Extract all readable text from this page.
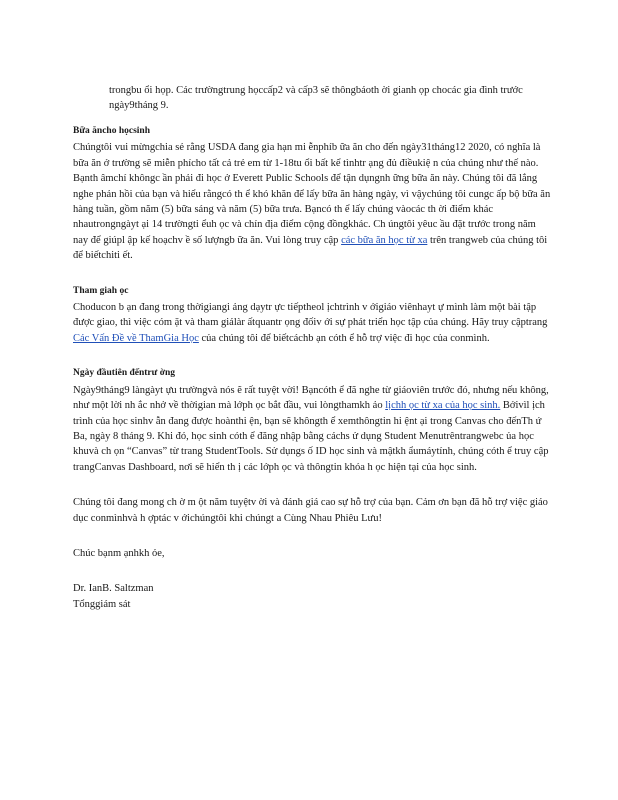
trongbu ổi họp. Các trườngtrung họccấp2 và cấp3 sẽ thôngbáoth ời gianh ọp chocác gia đình trước ngày9tháng 9.

Bữa ăncho họcsinh

Chúngtôi vui mừngchia sẻ rằng USDA đang gia hạn mi ễnphíb ữa ăn cho đến ngày31tháng12 2020, có nghĩa là bữa ăn ở trường sẽ miễn phícho tất cả trẻ em từ 1-18tu ổi bất kể tìnhtr ạng đủ điềukiệ n của chúng như thế nào. Bạnth âmchí khôngc ần phải đi học ở Everett Public Schools để tận dụngnh ững bữa ăn này. Chúng tôi đã lắng nghe phản hồi của bạn và hiểu rằngcó th ể khó khăn để lấy bữa ăn hàng ngày, vì vậychúng tôi cungc ấp bộ bữa ăn hàng tuần, gồm năm (5) bữa sáng và năm (5) bữa trưa. Bạncó th ể lấy chúng vàocác th ời điểm khác nhautrongngàyt ại 14 trườngti ểuh ọc và chín địa điểm cộng đồngkhác. Ch úngtôi yêuc ầu đặt trước trong năm nay để giúpl ập kế hoạchv ề số lượngb ữa ăn. Vui lòng truy cập các bữa ăn học từ xa trên trangweb của chúng tôi để biếtchiti ết.

Tham giah ọc

Choducon b ạn đang trong thờigiangi ảng dạytr ực tiếptheol ịchtrình v ớigiáo viênhayt ự mình làm một bài tập được giao, thì việc cóm ặt và tham giálàr ấtquantr ọng đốiv ới sự phát triển học tập của chúng. Hãy truy cậptrang Các Vấn Đề về ThamGia Học của chúng tôi để biếtcáchb ạn cóth ể hỗ trợ việc đi học của conmình.

Ngày đầutiên đếntrư ờng

Ngày9tháng9 làngàyt ựu trườngvà nós ẽ rất tuyệt vời! Bạncóth ể đã nghe từ giáoviên trước đó, nhưng nếu không, như một lời nh ắc nhở về thờigian mà lớph ọc bắt đầu, vui lòngthamkh ảo lịchh ọc từ xa của học sinh. Bởivìl ịch trình của học sinhv ẫn đang được hoànthi ện, bạn sẽ khôngth ể xemthôngtin hi ệnt ại trong Canvas cho đếnTh ứ Ba, ngày 8 tháng 9. Khi đó, học sinh cóth ể đăng nhập bằng cáchs ử dụng Student Menutrêntrangwebc ủa học khuvà ch ọn “Canvas” từ trang StudentTools. Sử dụngs ố ID học sinh và mậtkh ẩumáytính, chúng cóth ể truy cập trangCanvas Dashboard, nơi sẽ hiển th ị các lớph ọc và thôngtin khóa h ọc hiện tại của học sinh.

Chúng tôi đang mong ch ờ m ột năm tuyệtv ời và đánh giá cao sự hỗ trợ của bạn. Cảm ơn bạn đã hỗ trợ việc giáo dục conmìnhvà h ợptác v ớichúngtôi khi chúngt a Cùng Nhau Phiêu Lưu!

Chúc bạnm ạnhkh ỏe,

Dr. IanB. Saltzman

Tổnggiám sát
